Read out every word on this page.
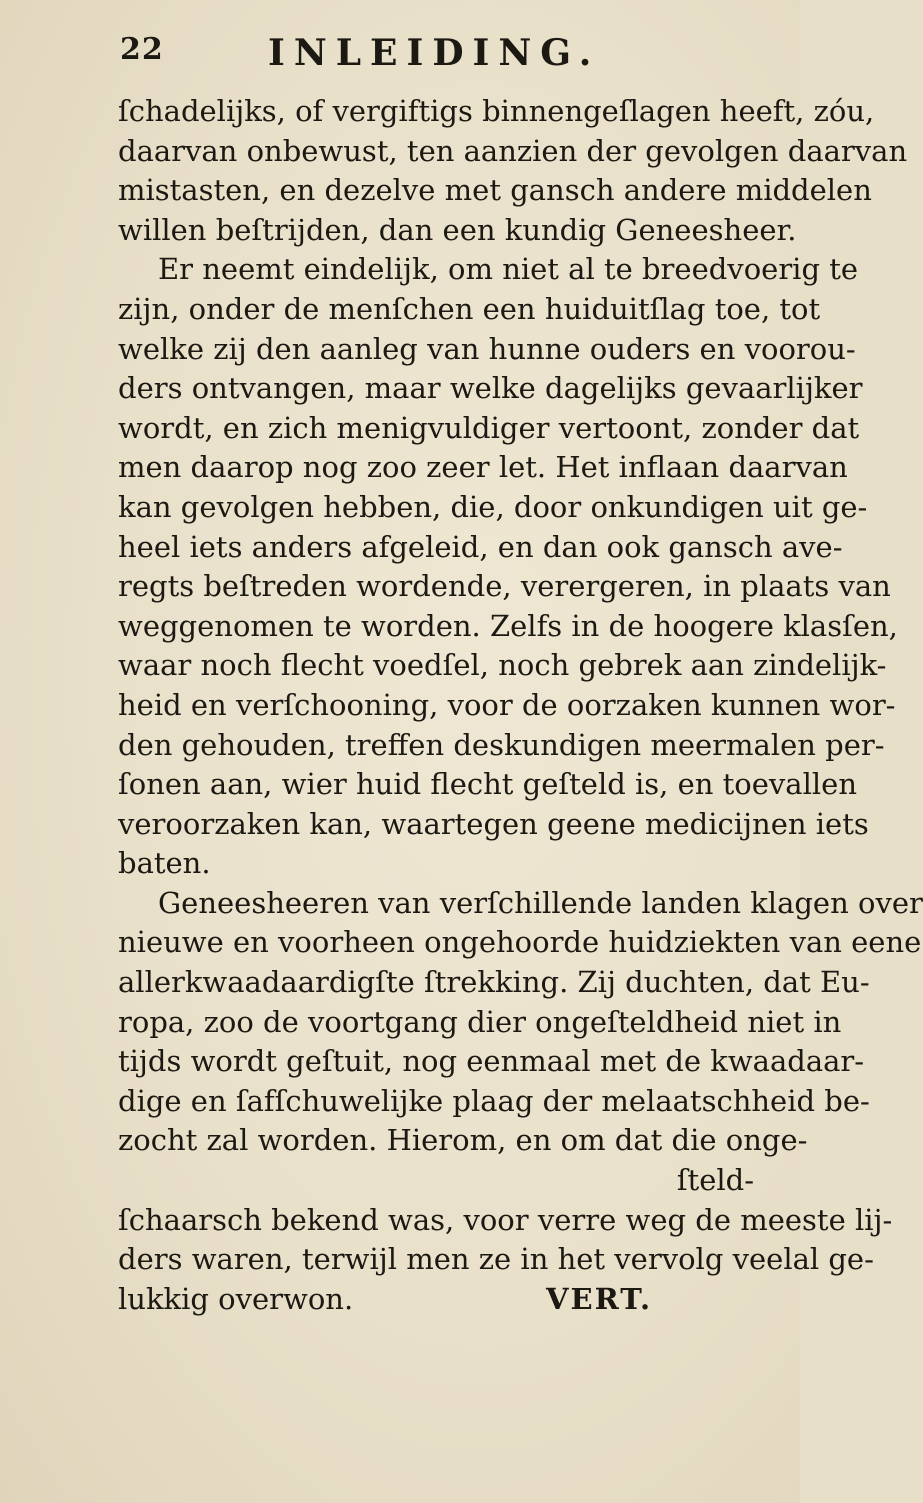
22	INLEIDING.
ſchadelijks, of vergiftigs binnengeſlagen heeft, zóu,
daarvan onbewust, ten aanzien der gevolgen daarvan
mistasten, en dezelve met gansch andere middelen
willen beſtrijden, dan een kundig Geneesheer.
Er neemt eindelijk, om niet al te breedvoerig te
zijn, onder de menſchen een huiduitſlag toe, tot
welke zij den aanleg van hunne ouders en voorou-
ders ontvangen, maar welke dagelijks gevaarlijker
wordt, en zich menigvuldiger vertoont, zonder dat
men daarop nog zoo zeer let. Het inflaan daarvan
kan gevolgen hebben, die, door onkundigen uit ge-
heel iets anders afgeleid, en dan ook gansch ave-
regts beſtreden wordende, verergeren, in plaats van
weggenomen te worden. Zelfs in de hoogere klasſen,
waar noch flecht voedſel, noch gebrek aan zindelijk-
heid en verſchooning, voor de oorzaken kunnen wor-
den gehouden, treffen deskundigen meermalen per-
ſonen aan, wier huid flecht geſteld is, en toevallen
veroorzaken kan, waartegen geene medicijnen iets
baten.
Geneesheeren van verſchillende landen klagen over
nieuwe en voorheen ongehoorde huidziekten van eene
allerkwaadaardigſte ſtrekking. Zij duchten, dat Eu-
ropa, zoo de voortgang dier ongeſteldheid niet in
tijds wordt geſtuit, nog eenmaal met de kwaadaar-
dige en ſafſchuwelijke plaag der melaatschheid be-
zocht zal worden. Hierom, en om dat die onge-
ſteld-
ſchaarsch bekend was, voor verre weg de meeste lij-
ders waren, terwijl men ze in het vervolg veelal ge-
lukkig overwon.	VERT.
